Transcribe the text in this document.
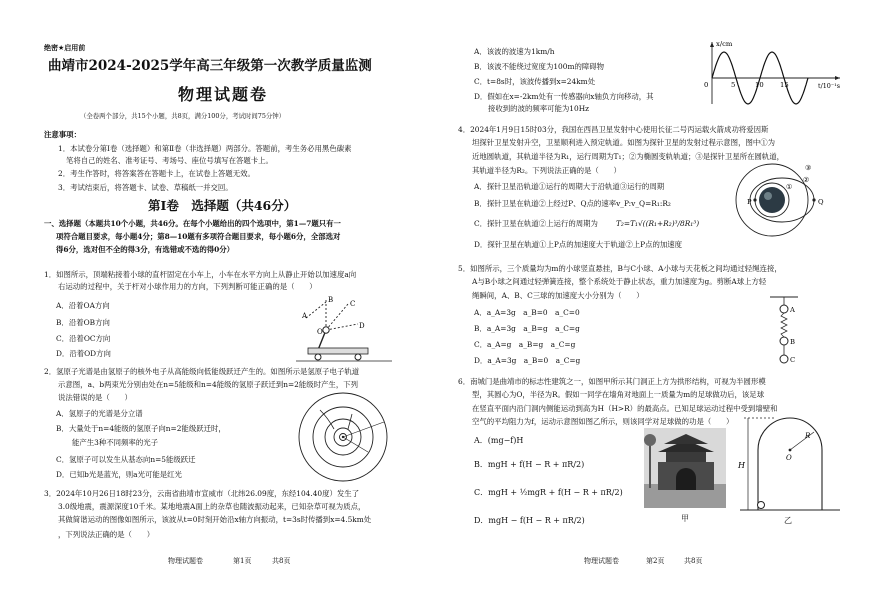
绝密★启用前
曲靖市2024-2025学年高三年级第一次教学质量监测
物理试题卷
（全卷两个部分，共15个小题，共8页，满分100分，考试时间75分钟）
注意事项：
1．本试卷分第Ⅰ卷（选择题）和第Ⅱ卷（非选择题）两部分。答题前，考生务必用黑色碳素
笔将自己的姓名、准考证号、考场号、座位号填写在答题卡上。
2．考生作答时，将答案答在答题卡上，在试卷上答题无效。
3．考试结束后，将答题卡、试卷、草稿纸一并交回。
第Ⅰ卷　选择题（共46分）
一、选择题（本题共10个小题，共46分。在每个小题给出的四个选项中，第1—7题只有一
项符合题目要求，每小题4分；第8—10题有多项符合题目要求，每小题6分，全部选对
得6分，选对但不全的得3分，有选错或不选的得0分）
1．如图所示，顶端粘接着小球的直杆固定在小车上，小车在水平方向上从静止开始以加速度a向
右运动的过程中，关于杆对小球作用力的方向，下列判断可能正确的是（　　）
A．沿着OA方向
B．沿着OB方向
C．沿着OC方向
D．沿着OD方向
A
B C
O
D
2．氢原子光谱是由氢原子的核外电子从高能级向低能级跃迁产生的。如图所示是氢原子电子轨道
示意图，a、b两束光分别由处在n=5能级和n=4能级的氢原子跃迁到n=2能级时产生，下列
说法错误的是（　　）
A．氢原子的光谱是分立谱
B．大量处于n=4能级的氢原子向n=2能级跃迁时，
能产生3种不同频率的光子
C．氢原子可以发生从基态向n=5能级跃迁
D．已知b光是蓝光，则a光可能是红光
3．2024年10月26日18时23分，云南省曲靖市宣威市（北纬26.09度，东经104.40度）发生了
3.0级地震，震源深度10千米。某地地震A面上的杂草也随波振动起来，已知杂草可视为质点，
其做简谐运动的图像如图所示，该波从t=0时刻开始沿x轴方向振动，t=3s时传播到x=4.5km处
，下列说法正确的是（　　）
物理试题卷	第1页	共8页
A．该波的波速为1km/h
B．该波不能绕过宽度为100m的障碍物
C．t=8s时，该波传播到x=24km处
D．假如在x=-2km处有一传感器向x轴负方向移动，其
接收到的波的频率可能为10Hz
x/cm
t/10⁻¹s
0	5	10 15
4．2024年1月9日15时03分，我国在西昌卫星发射中心使用长征二号丙运载火箭成功将爱因斯
坦探针卫星发射升空，卫星顺利进入预定轨道。如图为探针卫星的发射过程示意图，图中①为
近地圆轨道，其轨道半径为R₁，运行周期为T₁；②为椭圆变轨轨道；③是探针卫星所在圆轨道，
其轨道半径为R₂。下列说法正确的是（　　）
A．探针卫星沿轨道①运行的周期大于沿轨道③运行的周期
B．探针卫星在轨道②上经过P、Q点的速率v_P:v_Q=R₁:R₂
C．探针卫星在轨道②上运行的周期为 T₂=T₁√((R₁+R₂)³/8R₁³)
D．探针卫星在轨道①上P点的加速度大于轨道②上P点的加速度
P	Q
①
②
③
5．如图所示，三个质量均为m的小球竖直悬挂，B与C小球、A小球与天花板之间均通过轻绳连接，
A与B小球之间通过轻弹簧连接，整个系统处于静止状态，重力加速度为g。剪断A球上方轻
绳瞬间，A、B、C三球的加速度大小分别为（　　）
A．a_A=3g　a_B=0　a_C=0
B．a_A=3g　a_B=g　a_C=g
C．a_A=g　a_B=g　a_C=g
D．a_A=3g　a_B=0　a_C=g
A
B
C
6．南城门是曲靖市的标志性建筑之一，如图甲所示其门洞正上方为拱形结构，可视为半圆形模
型，其圆心为O，半径为R。假如一同学在墙角对地面上一质量为m的足球做功后，该足球
在竖直平面内沿门洞内侧能运动到高为H（H>R）的最高点。已知足球运动过程中受到墙壁和
空气的平均阻力为f，运动示意图如图乙所示，则该同学对足球做的功是（　　）
A．(mg−f)H
B．mgH + f(H − R + πR/2)
C．mgH + ½mgR + f(H − R + πR/2)
D．mgH − f(H − R + πR/2)	甲
H
R
O
乙
物理试题卷	第2页	共8页
